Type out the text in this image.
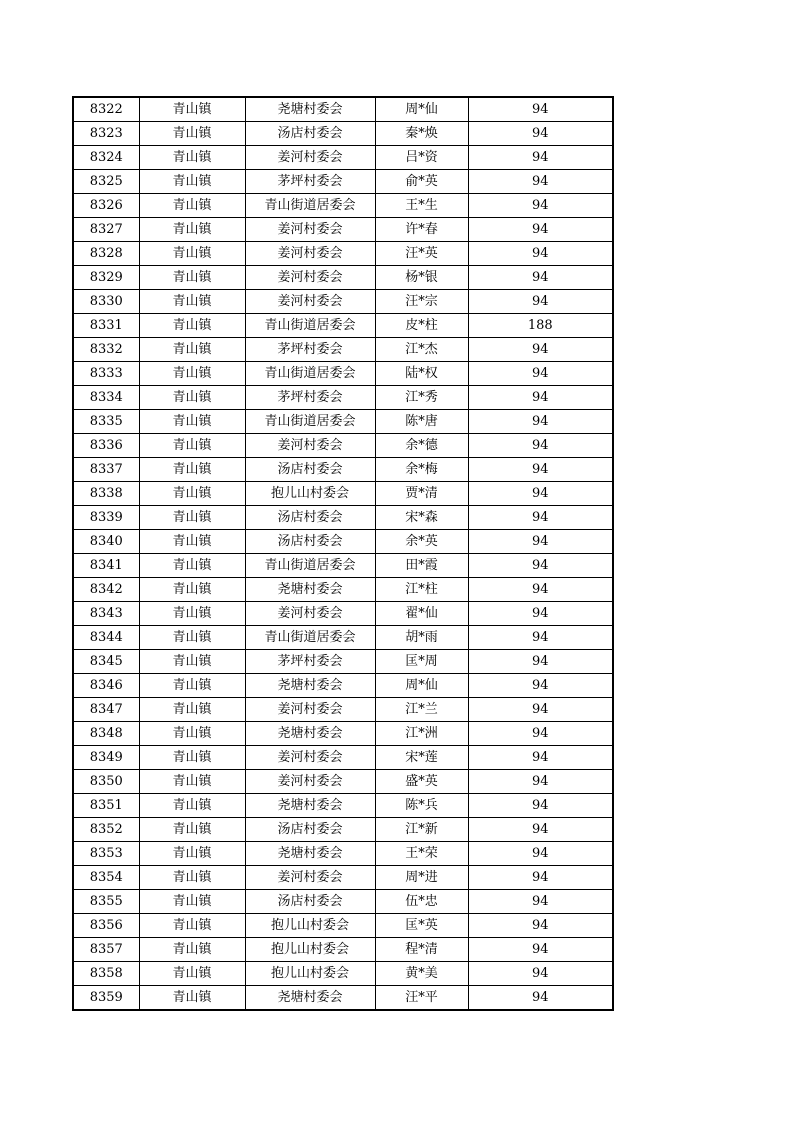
8322	青山镇	尧塘村委会	周*仙	94
8323	青山镇	汤店村委会	秦*焕	94
8324	青山镇	姜河村委会	吕*资	94
8325	青山镇	茅坪村委会	俞*英	94
8326	青山镇	青山街道居委会	王*生	94
8327	青山镇	姜河村委会	许*春	94
8328	青山镇	姜河村委会	汪*英	94
8329	青山镇	姜河村委会	杨*银	94
8330	青山镇	姜河村委会	汪*宗	94
8331	青山镇	青山街道居委会	皮*柱	188
8332	青山镇	茅坪村委会	江*杰	94
8333	青山镇	青山街道居委会	陆*权	94
8334	青山镇	茅坪村委会	江*秀	94
8335	青山镇	青山街道居委会	陈*唐	94
8336	青山镇	姜河村委会	余*德	94
8337	青山镇	汤店村委会	余*梅	94
8338	青山镇	抱儿山村委会	贾*清	94
8339	青山镇	汤店村委会	宋*森	94
8340	青山镇	汤店村委会	余*英	94
8341	青山镇	青山街道居委会	田*霞	94
8342	青山镇	尧塘村委会	江*柱	94
8343	青山镇	姜河村委会	翟*仙	94
8344	青山镇	青山街道居委会	胡*雨	94
8345	青山镇	茅坪村委会	匡*周	94
8346	青山镇	尧塘村委会	周*仙	94
8347	青山镇	姜河村委会	江*兰	94
8348	青山镇	尧塘村委会	江*洲	94
8349	青山镇	姜河村委会	宋*莲	94
8350	青山镇	姜河村委会	盛*英	94
8351	青山镇	尧塘村委会	陈*兵	94
8352	青山镇	汤店村委会	江*新	94
8353	青山镇	尧塘村委会	王*荣	94
8354	青山镇	姜河村委会	周*进	94
8355	青山镇	汤店村委会	伍*忠	94
8356	青山镇	抱儿山村委会	匡*英	94
8357	青山镇	抱儿山村委会	程*清	94
8358	青山镇	抱儿山村委会	黄*美	94
8359	青山镇	尧塘村委会	汪*平	94
